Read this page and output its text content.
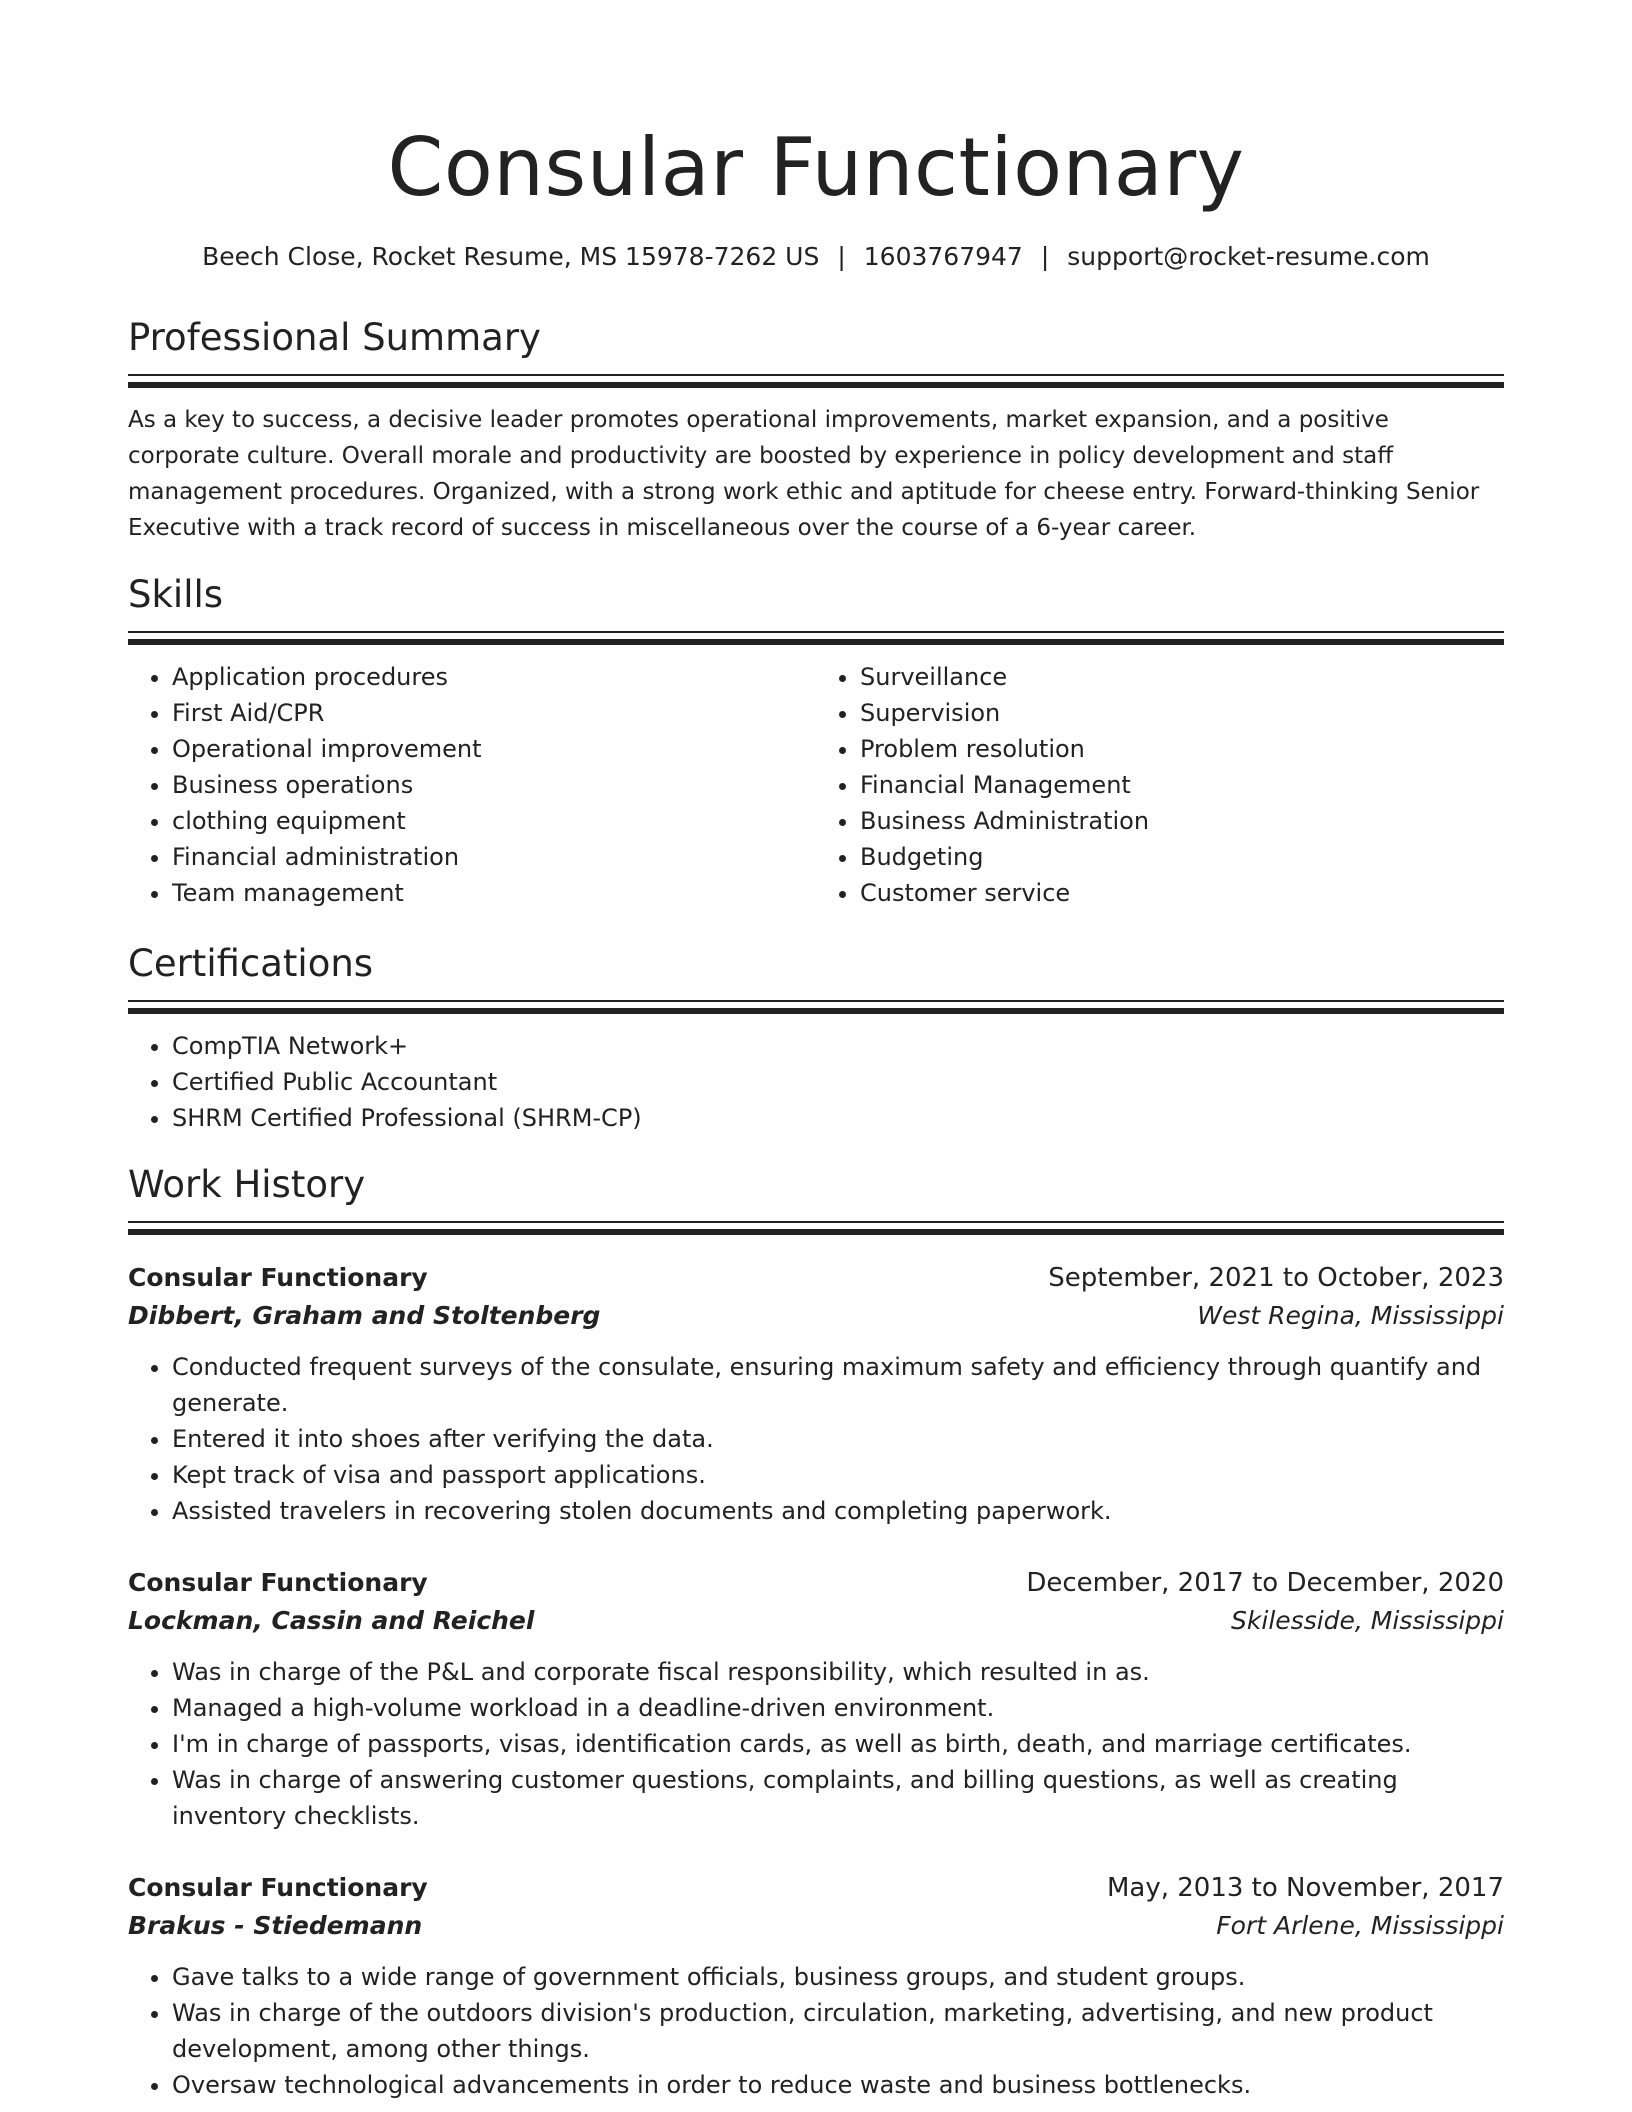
Consular Functionary
Beech Close, Rocket Resume, MS 15978-7262 US | 1603767947 | support@rocket-resume.com
Professional Summary
As a key to success, a decisive leader promotes operational improvements, market expansion, and a positive corporate culture. Overall morale and productivity are boosted by experience in policy development and staff management procedures. Organized, with a strong work ethic and aptitude for cheese entry. Forward-thinking Senior Executive with a track record of success in miscellaneous over the course of a 6-year career.
Skills
• Application procedures
• First Aid/CPR
• Operational improvement
• Business operations
• clothing equipment
• Financial administration
• Team management
• Surveillance
• Supervision
• Problem resolution
• Financial Management
• Business Administration
• Budgeting
• Customer service
Certifications
• CompTIA Network+
• Certified Public Accountant
• SHRM Certified Professional (SHRM-CP)
Work History
Consular Functionary	September, 2021 to October, 2023
Dibbert, Graham and Stoltenberg	West Regina, Mississippi
• Conducted frequent surveys of the consulate, ensuring maximum safety and efficiency through quantify and generate.
• Entered it into shoes after verifying the data.
• Kept track of visa and passport applications.
• Assisted travelers in recovering stolen documents and completing paperwork.
Consular Functionary	December, 2017 to December, 2020
Lockman, Cassin and Reichel	Skilesside, Mississippi
• Was in charge of the P&L and corporate fiscal responsibility, which resulted in as.
• Managed a high-volume workload in a deadline-driven environment.
• I'm in charge of passports, visas, identification cards, as well as birth, death, and marriage certificates.
• Was in charge of answering customer questions, complaints, and billing questions, as well as creating inventory checklists.
Consular Functionary	May, 2013 to November, 2017
Brakus - Stiedemann	Fort Arlene, Mississippi
• Gave talks to a wide range of government officials, business groups, and student groups.
• Was in charge of the outdoors division's production, circulation, marketing, advertising, and new product development, among other things.
• Oversaw technological advancements in order to reduce waste and business bottlenecks.
